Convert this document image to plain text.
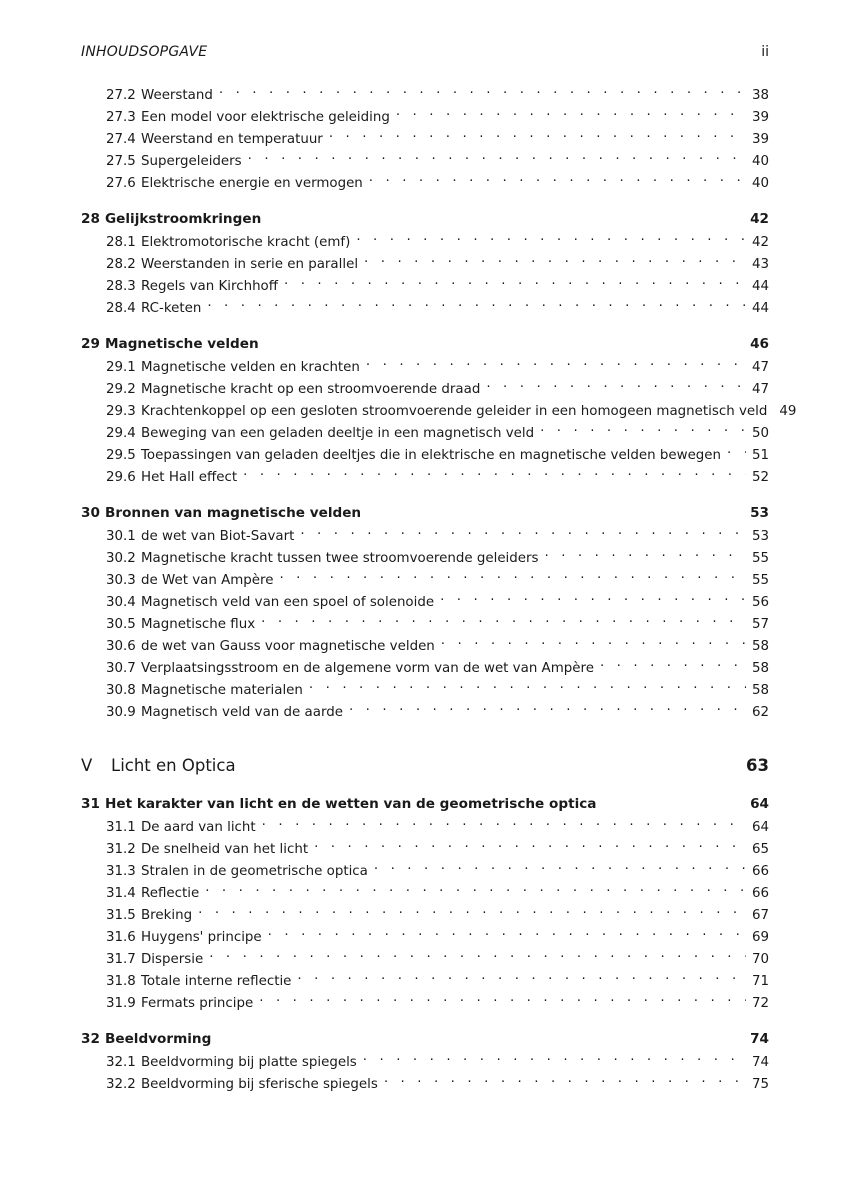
INHOUDSOPGAVE	ii
27.2 Weerstand . . .	38
27.3 Een model voor elektrische geleiding . . .	39
27.4 Weerstand en temperatuur . . .	39
27.5 Supergeleiders . . .	40
27.6 Elektrische energie en vermogen . . .	40
28 Gelijkstroomkringen	42
28.1 Elektromotorische kracht (emf) . . .	42
28.2 Weerstanden in serie en parallel . . .	43
28.3 Regels van Kirchhoff . . .	44
28.4 RC-keten . . .	44
29 Magnetische velden	46
29.1 Magnetische velden en krachten . . .	47
29.2 Magnetische kracht op een stroomvoerende draad . . .	47
29.3 Krachtenkoppel op een gesloten stroomvoerende geleider in een homogeen magnetisch veld 49
29.4 Beweging van een geladen deeltje in een magnetisch veld . . .	50
29.5 Toepassingen van geladen deeltjes die in elektrische en magnetische velden bewegen . . . 51
29.6 Het Hall effect . . .	52
30 Bronnen van magnetische velden	53
30.1 de wet van Biot-Savart . . .	53
30.2 Magnetische kracht tussen twee stroomvoerende geleiders . . .	55
30.3 de Wet van Ampère . . .	55
30.4 Magnetisch veld van een spoel of solenoide . . .	56
30.5 Magnetische flux . . .	57
30.6 de wet van Gauss voor magnetische velden . . .	58
30.7 Verplaatsingsstroom en de algemene vorm van de wet van Ampère . . .	58
30.8 Magnetische materialen . . .	58
30.9 Magnetisch veld van de aarde . . .	62
V	Licht en Optica	63
31 Het karakter van licht en de wetten van de geometrische optica	64
31.1 De aard van licht . . .	64
31.2 De snelheid van het licht . . .	65
31.3 Stralen in de geometrische optica . . .	66
31.4 Reflectie . . .	66
31.5 Breking . . .	67
31.6 Huygens' principe . . .	69
31.7 Dispersie . . .	70
31.8 Totale interne reflectie . . .	71
31.9 Fermats principe . . .	72
32 Beeldvorming	74
32.1 Beeldvorming bij platte spiegels . . .	74
32.2 Beeldvorming bij sferische spiegels . . .	75
